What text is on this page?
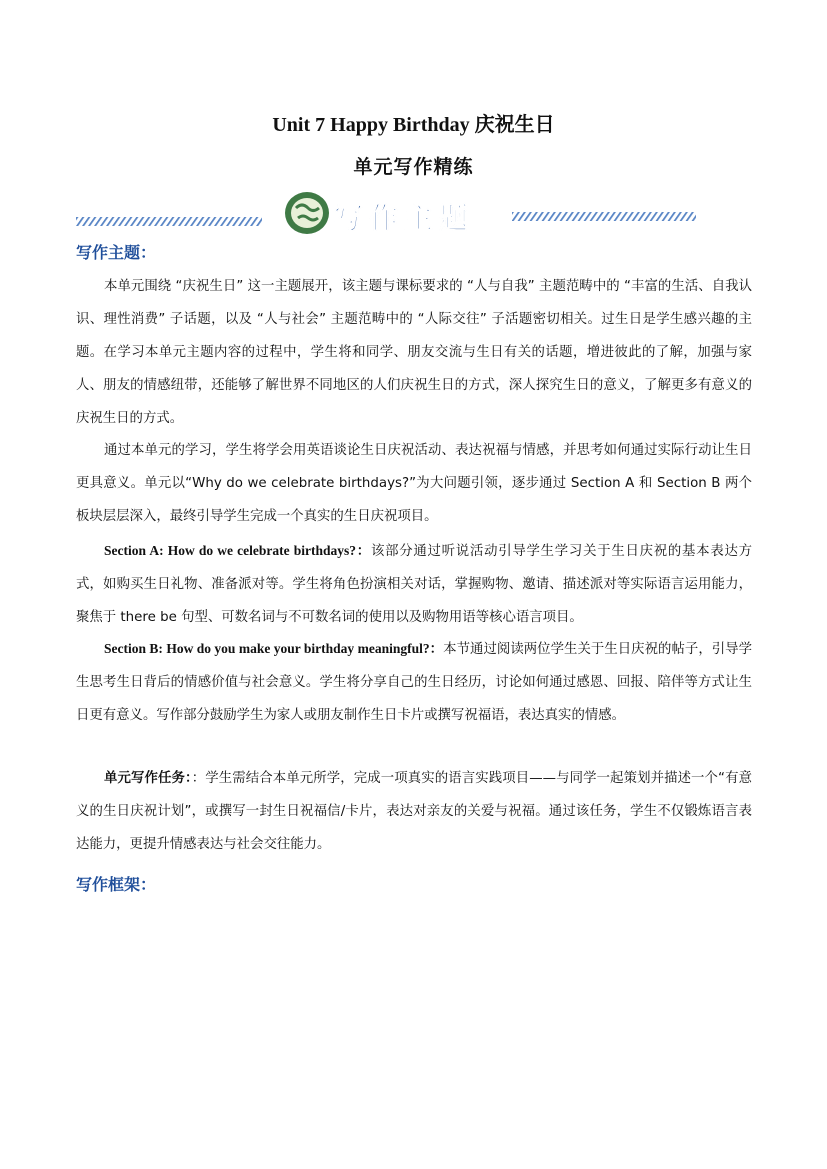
Unit 7 Happy Birthday 庆祝生日
单元写作精练
写作主题
写作主题：

本单元围绕 “庆祝生日” 这一主题展开，该主题与课标要求的 “人与自我” 主题范畴中的 “丰富的生活、自我认识、理性消费” 子话题，以及 “人与社会” 主题范畴中的 “人际交往” 子活题密切相关。过生日是学生感兴趣的主题。在学习本单元主题内容的过程中，学生将和同学、朋友交流与生日有关的话题，增进彼此的了解，加强与家人、朋友的情感纽带，还能够了解世界不同地区的人们庆祝生日的方式，深人探究生日的意义，了解更多有意义的庆祝生日的方式。

通过本单元的学习，学生将学会用英语谈论生日庆祝活动、表达祝福与情感，并思考如何通过实际行动让生日更具意义。单元以“Why do we celebrate birthdays?”为大问题引领，逐步通过 Section A 和 Section B 两个板块层层深入，最终引导学生完成一个真实的生日庆祝项目。

Section A: How do we celebrate birthdays?：该部分通过听说活动引导学生学习关于生日庆祝的基本表达方式，如购买生日礼物、准备派对等。学生将角色扮演相关对话，掌握购物、邀请、描述派对等实际语言运用能力，聚焦于 there be 句型、可数名词与不可数名词的使用以及购物用语等核心语言项目。

Section B: How do you make your birthday meaningful?：本节通过阅读两位学生关于生日庆祝的帖子，引导学生思考生日背后的情感价值与社会意义。学生将分享自己的生日经历，讨论如何通过感恩、回报、陪伴等方式让生日更有意义。写作部分鼓励学生为家人或朋友制作生日卡片或撰写祝福语，表达真实的情感。

单元写作任务：：学生需结合本单元所学，完成一项真实的语言实践项目——与同学一起策划并描述一个“有意义的生日庆祝计划”，或撰写一封生日祝福信/卡片，表达对亲友的关爱与祝福。通过该任务，学生不仅锻炼语言表达能力，更提升情感表达与社会交往能力。

写作框架：
